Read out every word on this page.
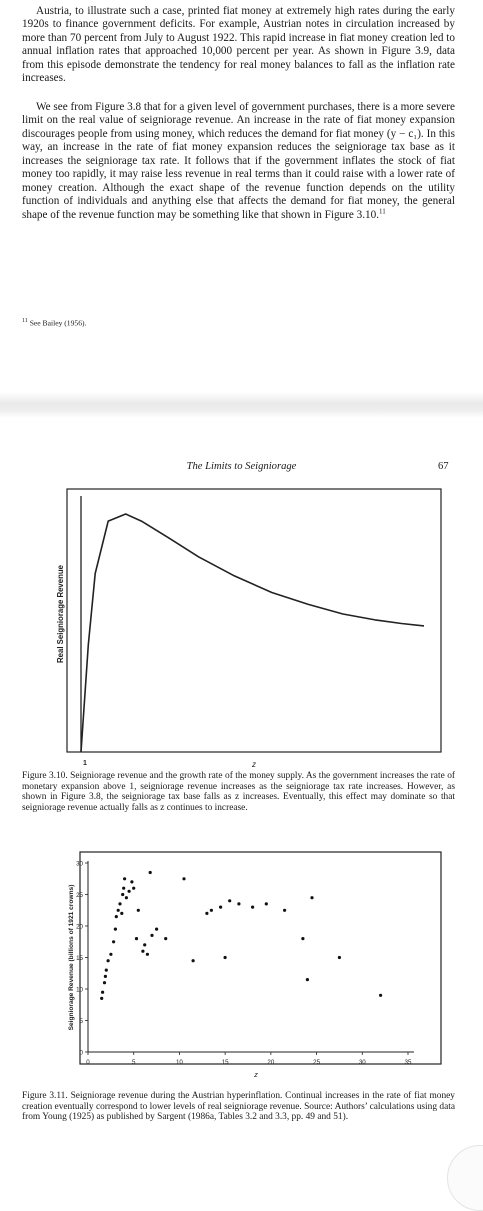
Austria, to illustrate such a case, printed fiat money at extremely high rates during the early 1920s to finance government deficits. For example, Austrian notes in circulation increased by more than 70 percent from July to August 1922. This rapid increase in fiat money creation led to annual inflation rates that approached 10,000 percent per year. As shown in Figure 3.9, data from this episode demonstrate the tendency for real money balances to fall as the inflation rate increases.

We see from Figure 3.8 that for a given level of government purchases, there is a more severe limit on the real value of seigniorage revenue. An increase in the rate of fiat money expansion discourages people from using money, which reduces the demand for fiat money (y − c₁). In this way, an increase in the rate of fiat money expansion reduces the seigniorage tax base as it increases the seigniorage tax rate. It follows that if the government inflates the stock of fiat money too rapidly, it may raise less revenue in real terms than it could raise with a lower rate of money creation. Although the exact shape of the revenue function depends on the utility function of individuals and anything else that affects the demand for fiat money, the general shape of the revenue function may be something like that shown in Figure 3.10.11

$^{11}$ See Bailey (1956).

The Limits to Seigniorage	67
Real Seigniorage Revenue
z
1

Figure 3.10. Seigniorage revenue and the growth rate of the money supply. As the government increases the rate of monetary expansion above 1, seigniorage revenue increases as the seigniorage tax rate increases. However, as shown in Figure 3.8, the seigniorage tax base falls as z increases. Eventually, this effect may dominate so that seigniorage revenue actually falls as z continues to increase.

0
5
10
15
20
25
30
0	5	10	15	20	25	30	35
Seigniorage Revenue (billions of 1921 crowns)
z

Figure 3.11. Seigniorage revenue during the Austrian hyperinflation. Continual increases in the rate of fiat money creation eventually correspond to lower levels of real seigniorage revenue. Source: Authors’ calculations using data from Young (1925) as published by Sargent (1986a, Tables 3.2 and 3.3, pp. 49 and 51).
